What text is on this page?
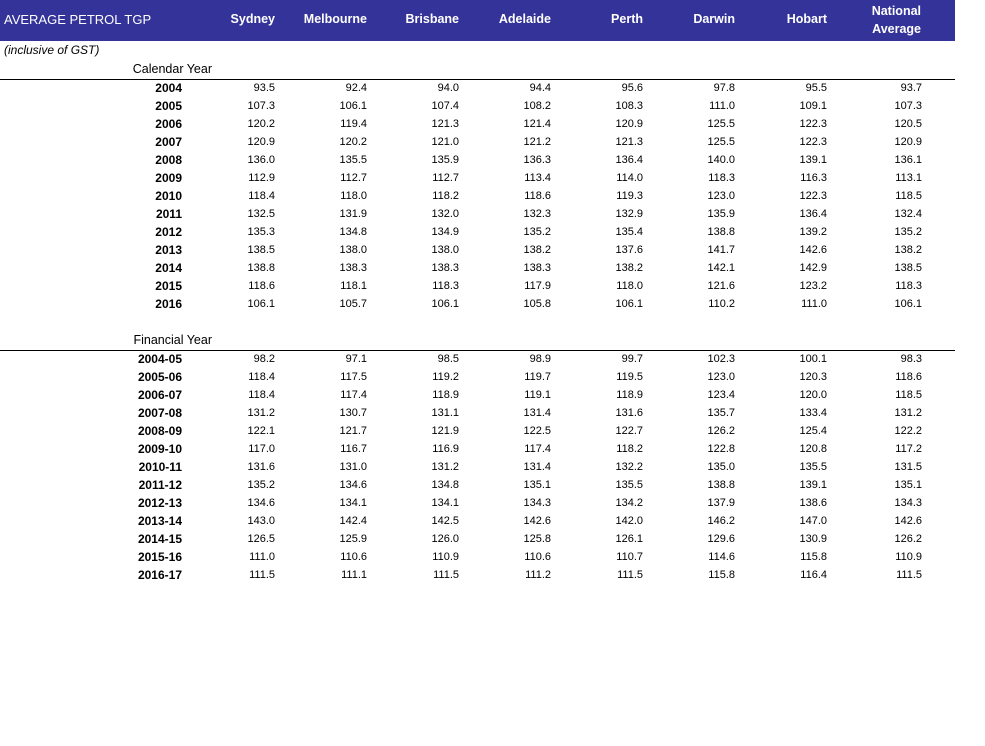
AVERAGE PETROL TGP	Sydney Melbourne	Brisbane	Adelaide	Perth	Darwin	Hobart
National
Average
(inclusive of GST)
Calendar Year
2004	93.5	92.4	94.0	94.4	95.6	97.8	95.5	93.7
2005	107.3	106.1	107.4	108.2	108.3	111.0	109.1	107.3
2006	120.2	119.4	121.3	121.4	120.9	125.5	122.3	120.5
2007	120.9	120.2	121.0	121.2	121.3	125.5	122.3	120.9
2008	136.0	135.5	135.9	136.3	136.4	140.0	139.1	136.1
2009	112.9	112.7	112.7	113.4	114.0	118.3	116.3	113.1
2010	118.4	118.0	118.2	118.6	119.3	123.0	122.3	118.5
2011	132.5	131.9	132.0	132.3	132.9	135.9	136.4	132.4
2012	135.3	134.8	134.9	135.2	135.4	138.8	139.2	135.2
2013	138.5	138.0	138.0	138.2	137.6	141.7	142.6	138.2
2014	138.8	138.3	138.3	138.3	138.2	142.1	142.9	138.5
2015	118.6	118.1	118.3	117.9	118.0	121.6	123.2	118.3
2016	106.1	105.7	106.1	105.8	106.1	110.2	111.0	106.1
Financial Year
2004-05	98.2	97.1	98.5	98.9	99.7	102.3	100.1	98.3
2005-06	118.4	117.5	119.2	119.7	119.5	123.0	120.3	118.6
2006-07	118.4	117.4	118.9	119.1	118.9	123.4	120.0	118.5
2007-08	131.2	130.7	131.1	131.4	131.6	135.7	133.4	131.2
2008-09	122.1	121.7	121.9	122.5	122.7	126.2	125.4	122.2
2009-10	117.0	116.7	116.9	117.4	118.2	122.8	120.8	117.2
2010-11	131.6	131.0	131.2	131.4	132.2	135.0	135.5	131.5
2011-12	135.2	134.6	134.8	135.1	135.5	138.8	139.1	135.1
2012-13	134.6	134.1	134.1	134.3	134.2	137.9	138.6	134.3
2013-14	143.0	142.4	142.5	142.6	142.0	146.2	147.0	142.6
2014-15	126.5	125.9	126.0	125.8	126.1	129.6	130.9	126.2
2015-16	111.0	110.6	110.9	110.6	110.7	114.6	115.8	110.9
2016-17	111.5	111.1	111.5	111.2	111.5	115.8	116.4	111.5
